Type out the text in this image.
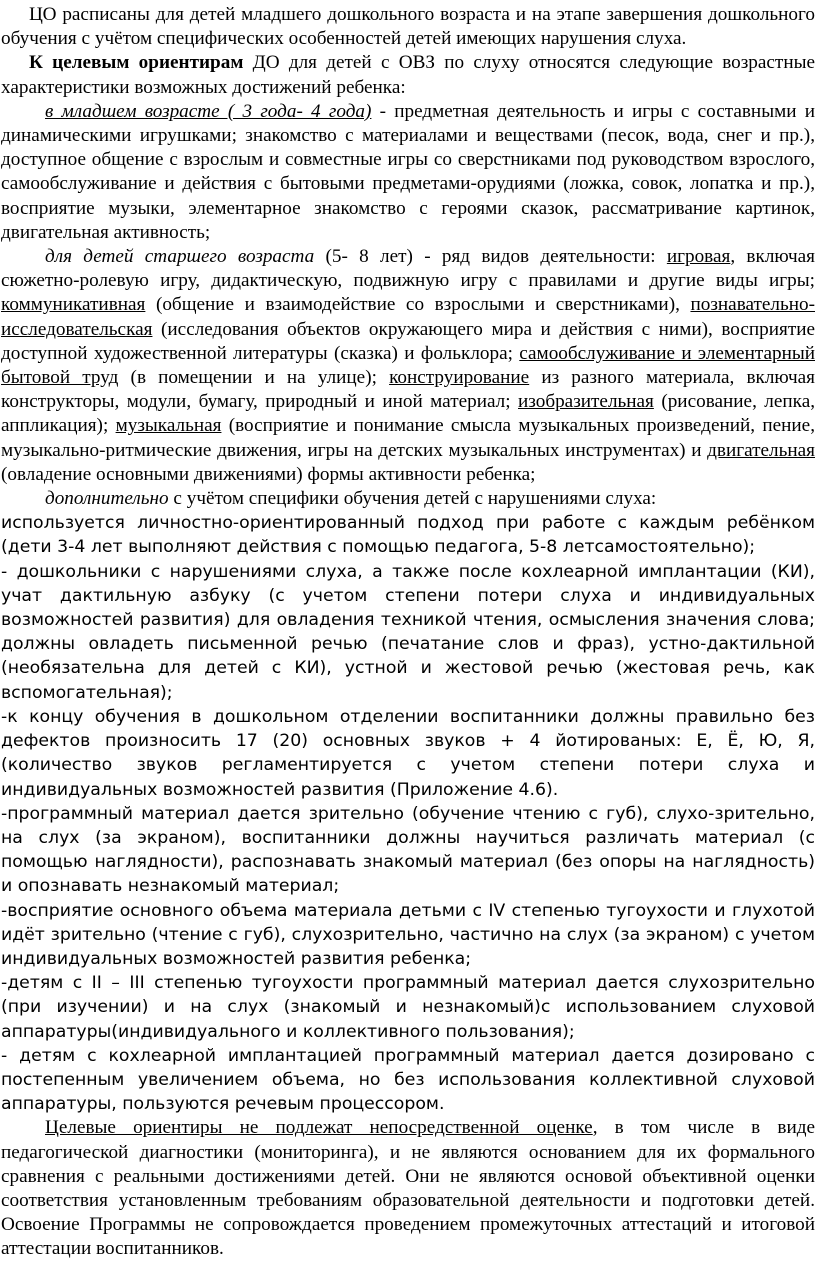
ЦО расписаны для детей младшего дошкольного возраста и на этапе завершения дошкольного обучения с учётом специфических особенностей детей имеющих нарушения слуха.

К целевым ориентирам ДО для детей с ОВЗ по слуху относятся следующие возрастные характеристики возможных достижений ребенка:

в младшем возрасте ( 3 года- 4 года) - предметная деятельность и игры с составными и динамическими игрушками; знакомство с материалами и веществами (песок, вода, снег и пр.), доступное общение с взрослым и совместные игры со сверстниками под руководством взрослого, самообслуживание и действия с бытовыми предметами-орудиями (ложка, совок, лопатка и пр.), восприятие музыки, элементарное знакомство с героями сказок, рассматривание картинок, двигательная активность;

для детей старшего возраста (5- 8 лет) - ряд видов деятельности: игровая, включая сюжетно-ролевую игру, дидактическую, подвижную игру с правилами и другие виды игры; коммуникативная (общение и взаимодействие со взрослыми и сверстниками), познавательно-исследовательская (исследования объектов окружающего мира и действия с ними), восприятие доступной художественной литературы (сказка) и фольклора; самообслуживание и элементарный бытовой труд (в помещении и на улице); конструирование из разного материала, включая конструкторы, модули, бумагу, природный и иной материал; изобразительная (рисование, лепка, аппликация); музыкальная (восприятие и понимание смысла музыкальных произведений, пение, музыкально-ритмические движения, игры на детских музыкальных инструментах) и двигательная (овладение основными движениями) формы активности ребенка;

дополнительно с учётом специфики обучения детей с нарушениями слуха:

используется личностно-ориентированный подход при работе с каждым ребёнком (дети 3-4 лет выполняют действия с помощью педагога, 5-8 летсамостоятельно);

- дошкольники с нарушениями слуха, а также после кохлеарной имплантации (КИ), учат дактильную азбуку (с учетом степени потери слуха и индивидуальных возможностей развития) для овладения техникой чтения, осмысления значения слова; должны овладеть письменной речью (печатание слов и фраз), устно-дактильной (необязательна для детей с КИ), устной и жестовой речью (жестовая речь, как вспомогательная);

-к концу обучения в дошкольном отделении воспитанники должны правильно без дефектов произносить 17 (20) основных звуков + 4 йотированых: Е, Ё, Ю, Я, (количество звуков регламентируется с учетом степени потери слуха и индивидуальных возможностей развития (Приложение 4.6).

-программный материал дается зрительно (обучение чтению с губ), слухо-зрительно, на слух (за экраном), воспитанники должны научиться различать материал (с помощью наглядности), распознавать знакомый материал (без опоры на наглядность) и опознавать незнакомый материал;

-восприятие основного объема материала детьми с IV степенью тугоухости и глухотой идёт зрительно (чтение с губ), слухозрительно, частично на слух (за экраном) с учетом индивидуальных возможностей развития ребенка;

-детям с II – III степенью тугоухости программный материал дается слухозрительно (при изучении) и на слух (знакомый и незнакомый)с использованием слуховой аппаратуры(индивидуального и коллективного пользования);

- детям с кохлеарной имплантацией программный материал дается дозировано с постепенным увеличением объема, но без использования коллективной слуховой аппаратуры, пользуются речевым процессором.

Целевые ориентиры не подлежат непосредственной оценке, в том числе в виде педагогической диагностики (мониторинга), и не являются основанием для их формального сравнения с реальными достижениями детей. Они не являются основой объективной оценки соответствия установленным требованиям образовательной деятельности и подготовки детей. Освоение Программы не сопровождается проведением промежуточных аттестаций и итоговой аттестации воспитанников.
